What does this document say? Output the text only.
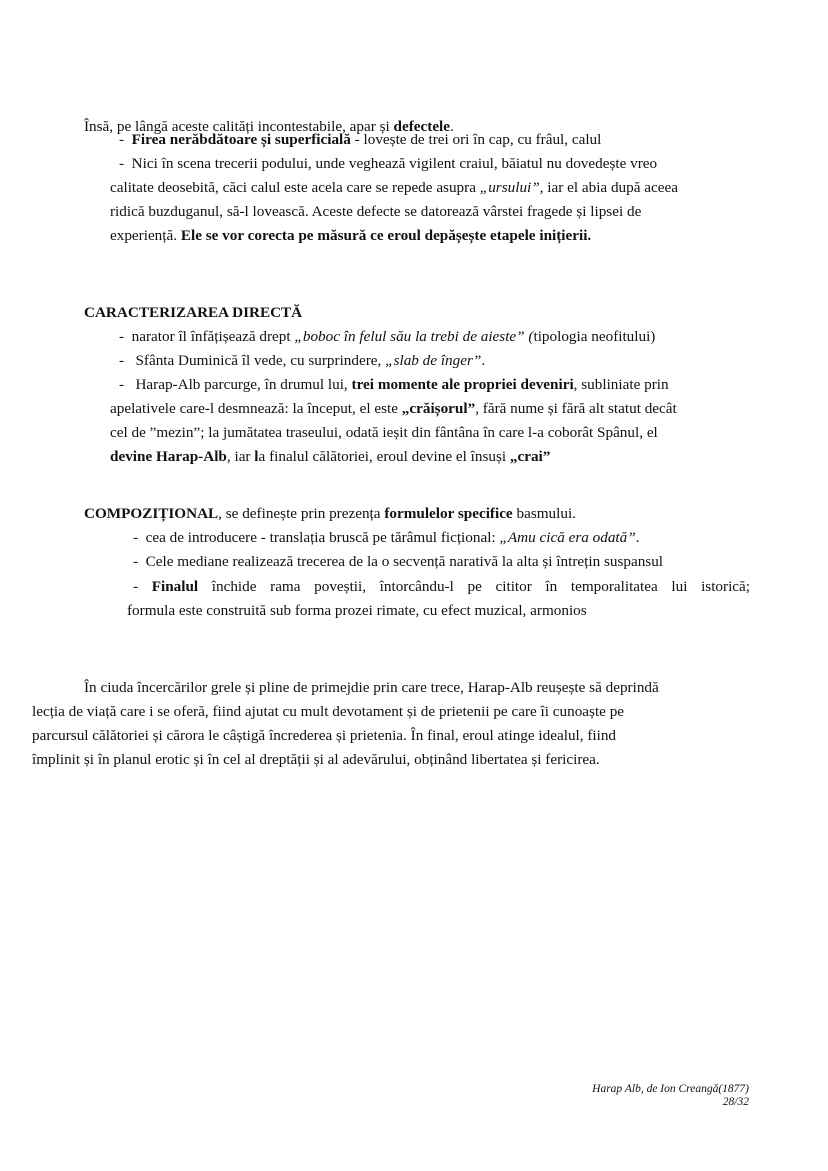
Însă, pe lângă aceste calități incontestabile, apar și defectele.
-  Firea nerăbdătoare și superficială - lovește de trei ori în cap, cu frâul, calul
-  Nici în scena trecerii podului, unde veghează vigilent craiul, băiatul nu dovedește vreo
calitate deosebită, căci calul este acela care se repede asupra „ursului”, iar el abia după aceea
ridică buzduganul, să-l lovească. Aceste defecte se datorează vârstei fragede și lipsei de
experiență. Ele se vor corecta pe măsură ce eroul depășește etapele inițierii.
CARACTERIZAREA DIRECTĂ
-  narator îl înfățișează drept „boboc în felul său la trebi de aieste” (tipologia neofitului)
-   Sfânta Duminică îl vede, cu surprindere, „slab de înger”.
-   Harap-Alb parcurge, în drumul lui, trei momente ale propriei deveniri, subliniate prin
apelativele care-l desmnează: la început, el este „crăișorul”, fără nume și fără alt statut decât
cel de ”mezin”; la jumătatea traseului, odată ieșit din fântâna în care l-a coborât Spânul, el
devine Harap-Alb, iar la finalul călătoriei, eroul devine el însuși „crai”
COMPOZIȚIONAL, se definește prin prezența formulelor specifice basmului.
-  cea de introducere - translația bruscă pe tărâmul ficțional: „Amu cică era odată”.
-  Cele mediane realizează trecerea de la o secvență narativă la alta și întrețin suspansul
- Finalul închide rama poveștii, întorcându-l pe cititor în temporalitatea lui istorică;
formula este construită sub forma prozei rimate, cu efect muzical, armonios
În ciuda încercărilor grele și pline de primejdie prin care trece, Harap-Alb reușește să deprindă
lecția de viață care i se oferă, fiind ajutat cu mult devotament și de prietenii pe care îi cunoaște pe
parcursul călătoriei și cărora le câștigă încrederea și prietenia. În final, eroul atinge idealul, fiind
împlinit și în planul erotic și în cel al dreptății și al adevărului, obținând libertatea și fericirea.
Harap Alb, de Ion Creangă(1877)
28/32
